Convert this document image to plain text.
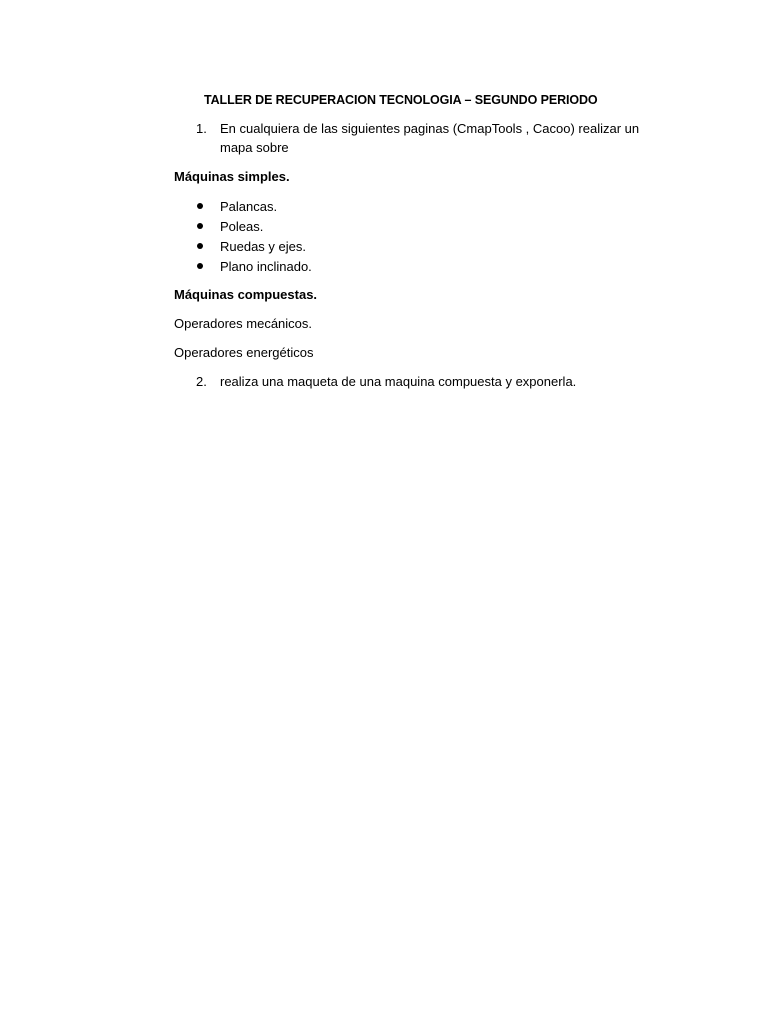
TALLER DE RECUPERACION TECNOLOGIA – SEGUNDO PERIODO
1. En cualquiera de las siguientes paginas (CmapTools , Cacoo) realizar un mapa sobre
Máquinas simples.
Palancas.
Poleas.
Ruedas y ejes.
Plano inclinado.
Máquinas compuestas.
Operadores mecánicos.
Operadores energéticos
2. realiza una maqueta de una maquina compuesta y exponerla.
